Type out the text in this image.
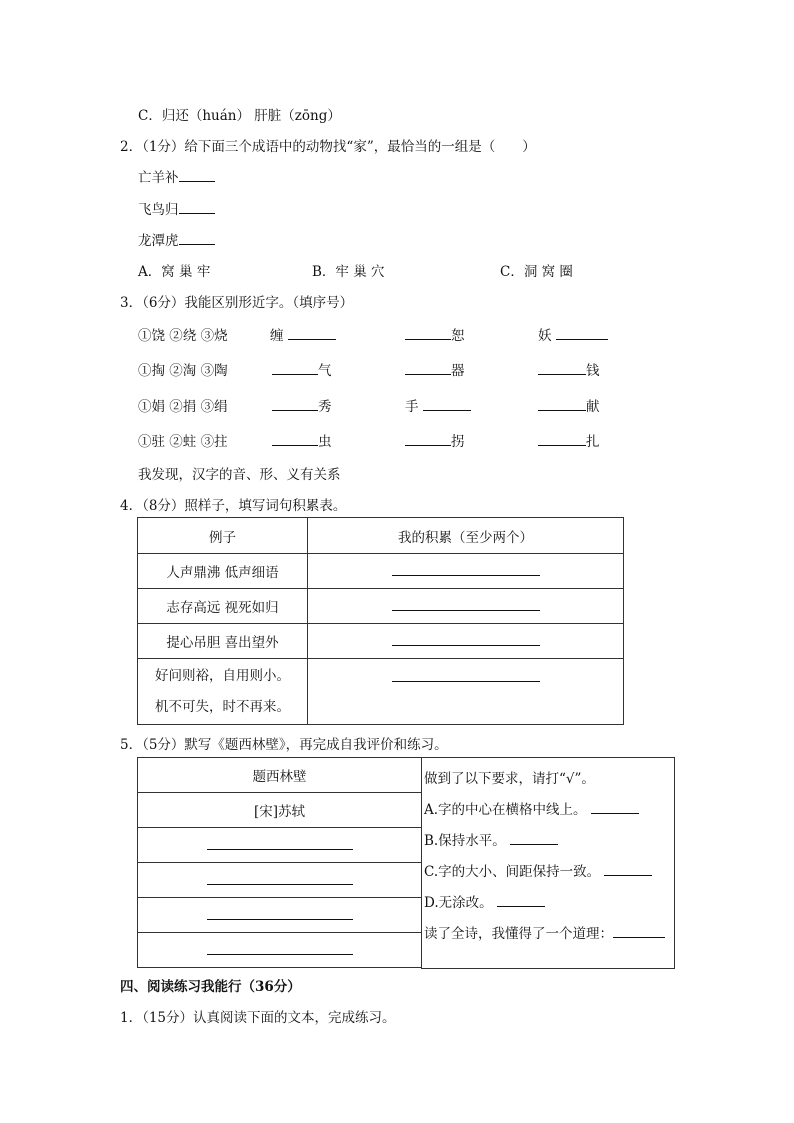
C．归还（huán） 肝脏（zōng）
2．（1分）给下面三个成语中的动物找“家”，最恰当的一组是（　　）
亡羊补
飞鸟归
龙潭虎
A．窝 巢 牢	B．牢 巢 穴	C．洞 窝 圈
3．（6分）我能区别形近字。（填序号）
①饶 ②绕 ③烧	缠	恕	妖
①掏 ②淘 ③陶	气	器	钱
①娟 ②捐 ③绢	秀	手	献
①驻 ②蛀 ③拄	虫	拐	扎
我发现，汉字的音、形、义有关系
4．（8分）照样子，填写词句积累表。
例子	我的积累（至少两个）
人声鼎沸 低声细语	
志存高远 视死如归	
提心吊胆 喜出望外	

好问则裕，自用则小。
机不可失，时不再来。	

5．（5分）默写《题西林壁》，再完成自我评价和练习。
题西林壁
[宋]苏轼

做到了以下要求，请打“√”。
A.字的中心在横格中线上。
B.保持水平。
C.字的大小、间距保持一致。
D.无涂改。
读了全诗，我懂得了一个道理：
四、阅读练习我能行（36分）
1．（15分）认真阅读下面的文本，完成练习。
